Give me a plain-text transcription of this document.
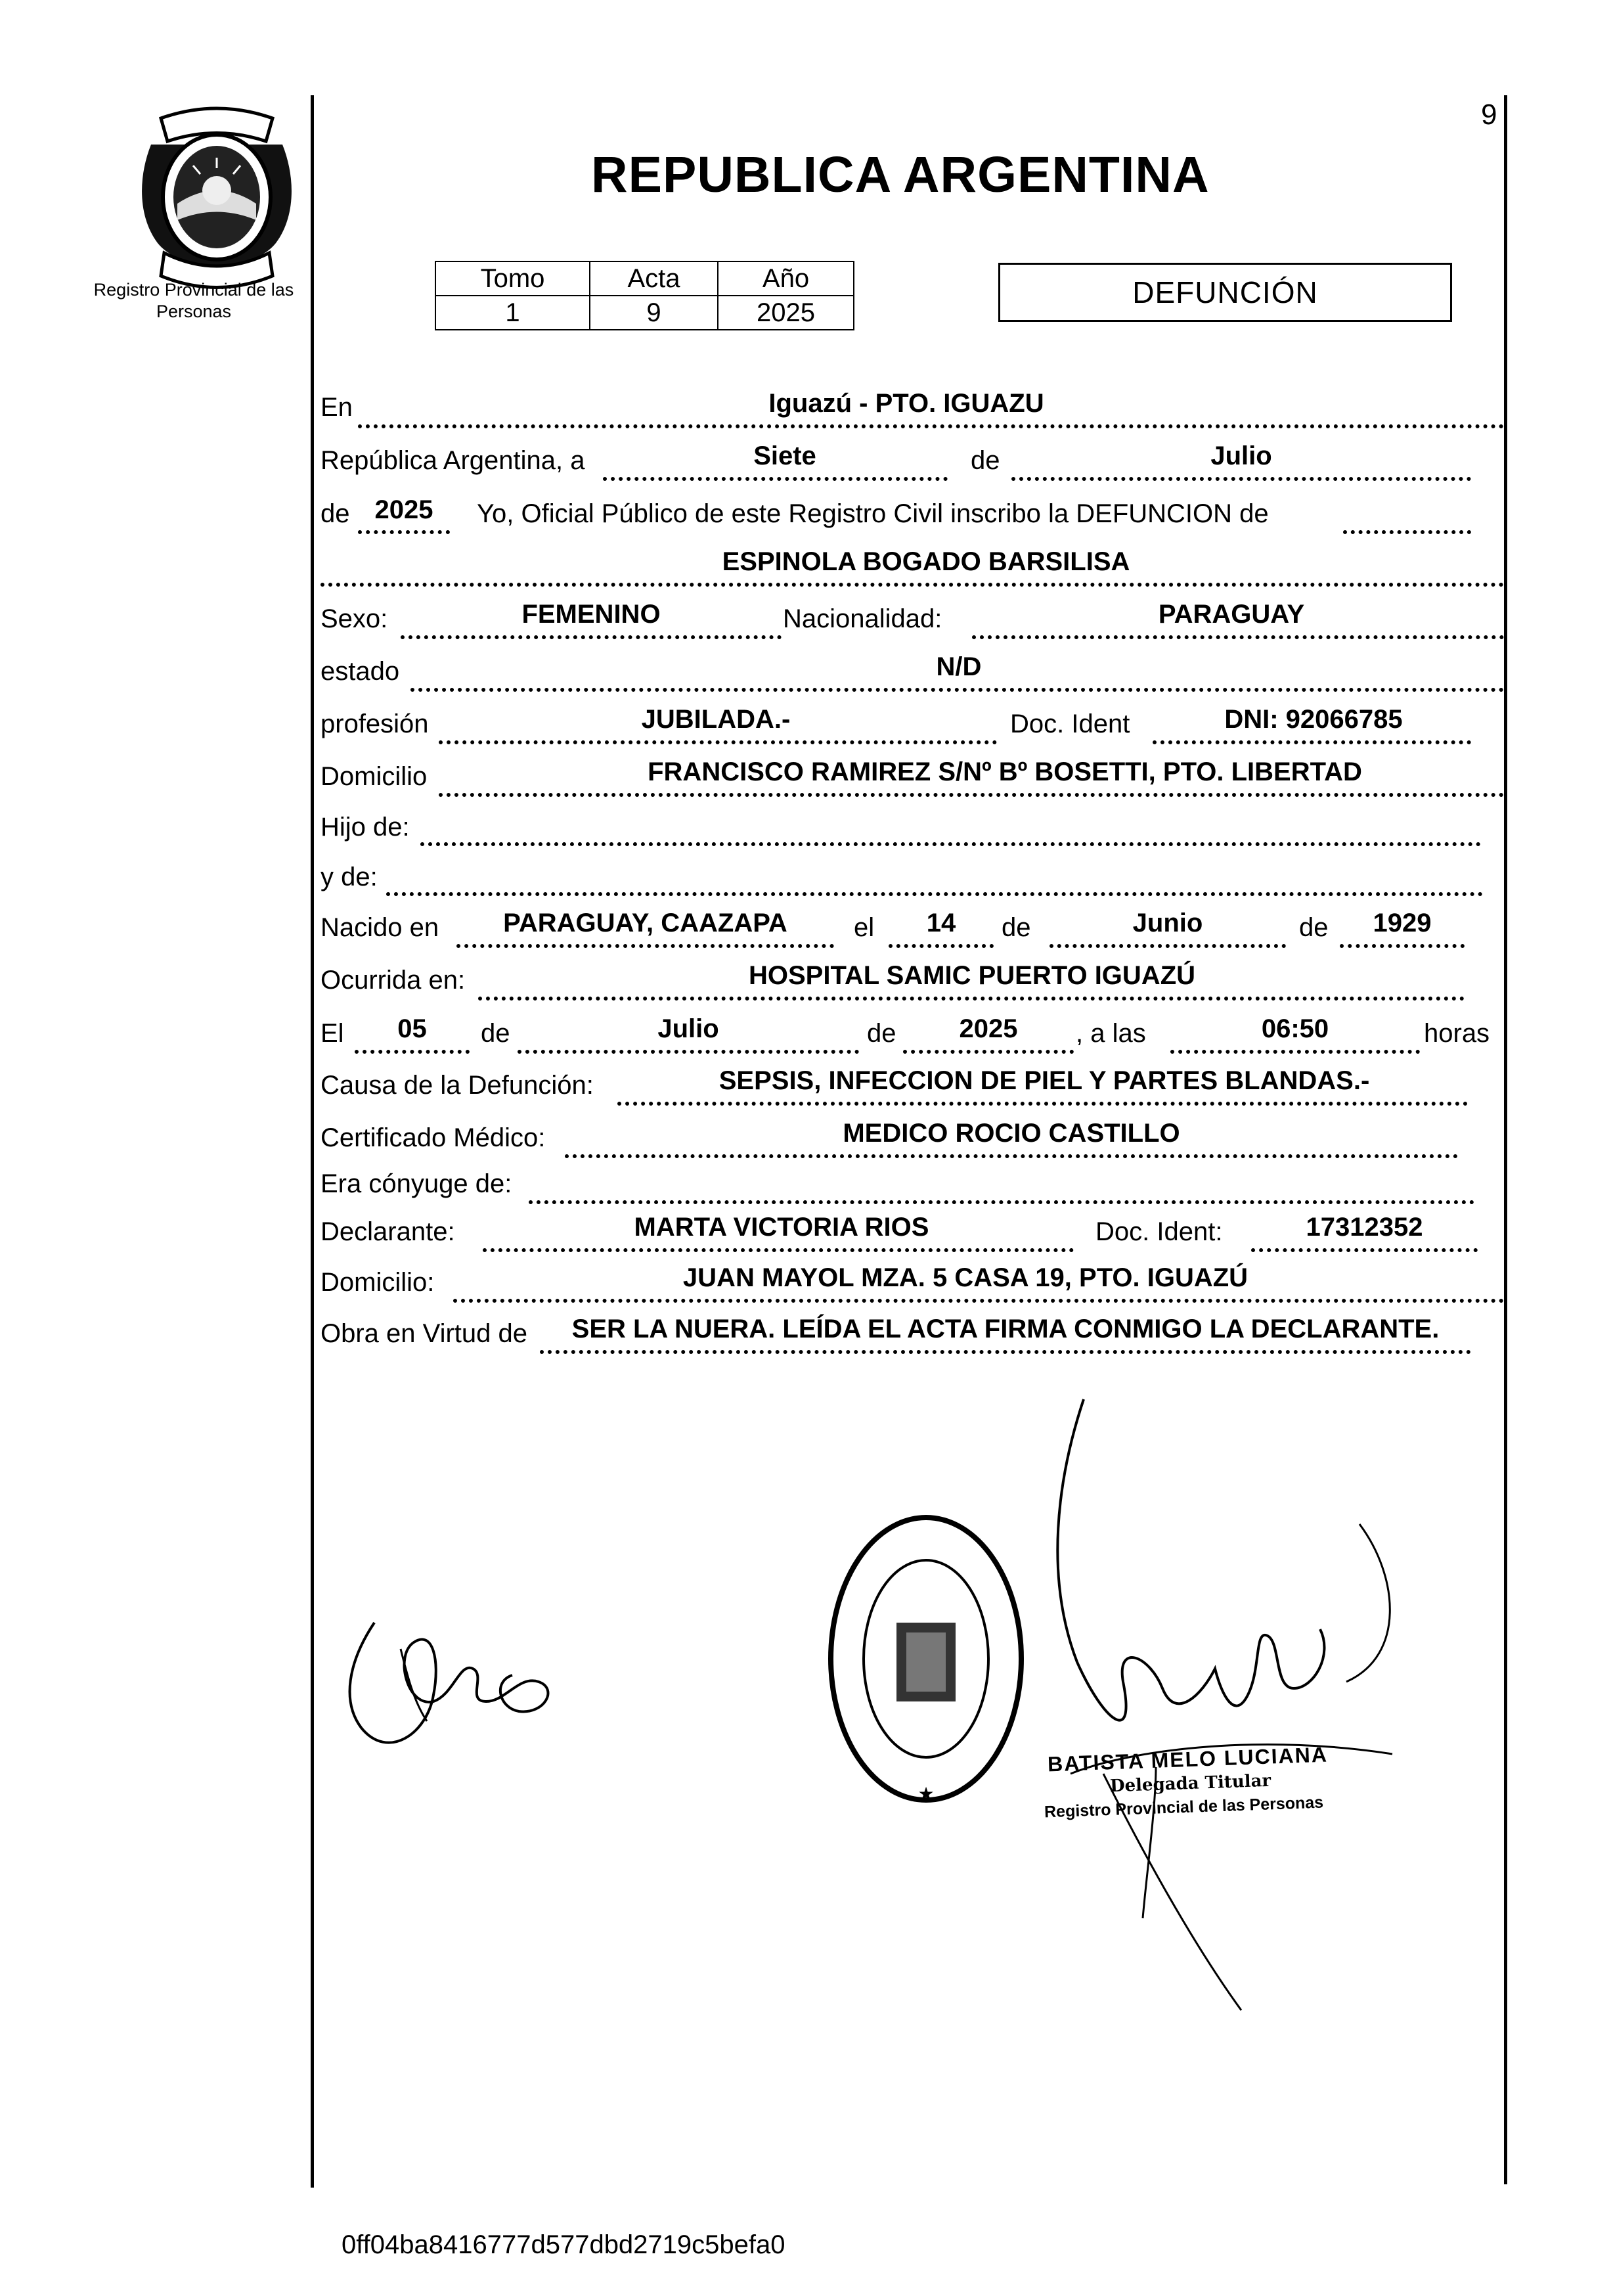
9
Registro Provincial de las Personas
REPUBLICA ARGENTINA
Tomo	Acta	Año
1	9	2025
DEFUNCIÓN
En	Iguazú - PTO. IGUAZU
República Argentina, a	Siete	de	Julio
de 2025	Yo, Oficial Público de este Registro Civil inscribo la DEFUNCION de
ESPINOLA BOGADO BARSILISA
Sexo:	FEMENINO	Nacionalidad:	PARAGUAY
estado	N/D
profesión	JUBILADA.-	Doc. Ident	DNI: 92066785
Domicilio	FRANCISCO RAMIREZ S/Nº Bº BOSETTI, PTO. LIBERTAD
Hijo de:
y de:
Nacido en	PARAGUAY, CAAZAPA	el	14	de	Junio	de	1929
Ocurrida en:	HOSPITAL SAMIC PUERTO IGUAZÚ
El	05	de	Julio	de	2025	, a las	06:50	horas
Causa de la Defunción:	SEPSIS, INFECCION DE PIEL Y PARTES BLANDAS.-
Certificado Médico:	MEDICO ROCIO CASTILLO
Era cónyuge de:
Declarante:	MARTA VICTORIA RIOS	Doc. Ident:	17312352
Domicilio:	JUAN MAYOL MZA. 5 CASA 19, PTO. IGUAZÚ
Obra en Virtud de	SER LA NUERA. LEÍDA EL ACTA FIRMA CONMIGO LA DECLARANTE.
★
BATISTA MELO LUCIANA
Delegada Titular
Registro Provincial de las Personas
0ff04ba8416777d577dbd2719c5befa0
